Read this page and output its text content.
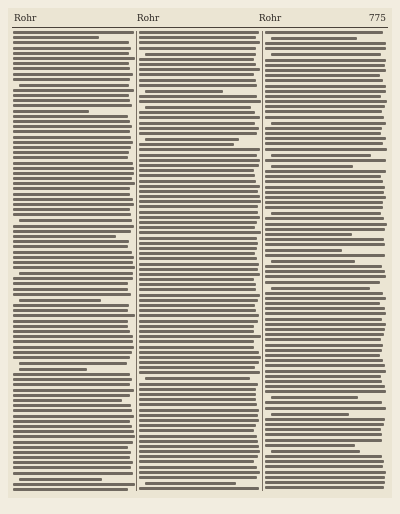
Rohr	Rohr	Rohr	775
